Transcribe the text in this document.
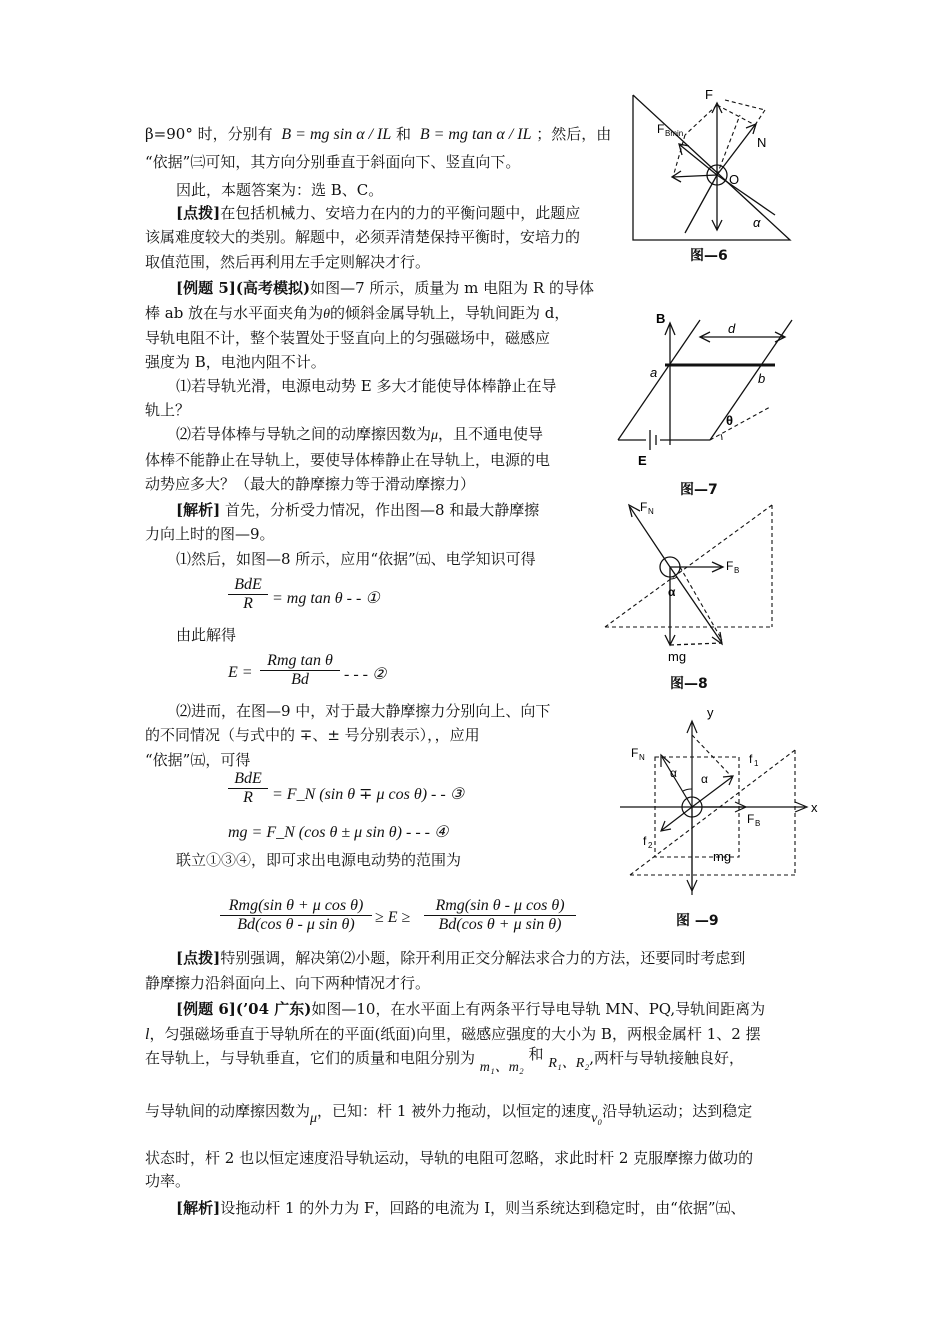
β=90° 时，分别有 B = mg sin α / IL 和 B = mg tan α / IL ；然后，由
“依据”㈢可知，其方向分别垂直于斜面向下、竖直向下。
因此，本题答案为：选 B、C。
[点拨]在包括机械力、安培力在内的力的平衡问题中，此题应
该属难度较大的类别。解题中，必须弄清楚保持平衡时，安培力的
取值范围，然后再利用左手定则解决才行。
[例题 5](高考模拟)如图—7 所示，质量为 m 电阻为 R 的导体
棒 ab 放在与水平面夹角为θ的倾斜金属导轨上，导轨间距为 d，
导轨电阻不计，整个装置处于竖直向上的匀强磁场中，磁感应
强度为 B，电池内阻不计。
⑴若导轨光滑，电源电动势 E 多大才能使导体棒静止在导
轨上？
⑵若导体棒与导轨之间的动摩擦因数为μ，且不通电使导
体棒不能静止在导轨上，要使导体棒静止在导轨上，电源的电
动势应多大？（最大的静摩擦力等于滑动摩擦力）
[解析] 首先，分析受力情况，作出图—8 和最大静摩擦
力向上时的图—9。
⑴然后，如图—8 所示，应用“依据”㈤、电学知识可得
BdE
R	= mg tan θ - - ①
由此解得
E =
Rmg tan θ
Bd	- - - ②
⑵进而，在图—9 中，对于最大静摩擦力分别向上、向下
的不同情况（与式中的 ∓、± 号分别表示），，应用
“依据”㈤，可得
BdE
R	= F_N (sin θ ∓ μ cos θ) - - ③
mg = F_N (cos θ ± μ sin θ) - - - ④
联立①③④，即可求出电源电动势的范围为
Rmg(sin θ + μ cos θ)
Bd(cos θ - μ sin θ)	≥ E ≥
Rmg(sin θ - μ cos θ)
Bd(cos θ + μ sin θ)
[点拨]特别强调，解决第⑵小题，除开利用正交分解法求合力的方法，还要同时考虑到
静摩擦力沿斜面向上、向下两种情况才行。
[例题 6](’04 广东)如图—10，在水平面上有两条平行导电导轨 MN、PQ,导轨间距离为
l，匀强磁场垂直于导轨所在的平面(纸面)向里，磁感应强度的大小为 B，两根金属杆 1、2 摆
在导轨上，与导轨垂直，它们的质量和电阻分别为 m₁、m₂ 和 R₁、R₂,两杆与导轨接触良好，
与导轨间的动摩擦因数为μ，已知：杆 1 被外力拖动，以恒定的速度v₀沿导轨运动；达到稳定
状态时，杆 2 也以恒定速度沿导轨运动，导轨的电阻可忽略，求此时杆 2 克服摩擦力做功的
功率。
[解析]设拖动杆 1 的外力为 F，回路的电流为 I，则当系统达到稳定时，由“依据”㈤、
F
F Bmin
N
O
α
图—6
B
d
a	b
θ
E
图—7
F N
F B
α
mg
图—8
y
x
F N
F B
f 1
f 2
α α
mg
图 —9
